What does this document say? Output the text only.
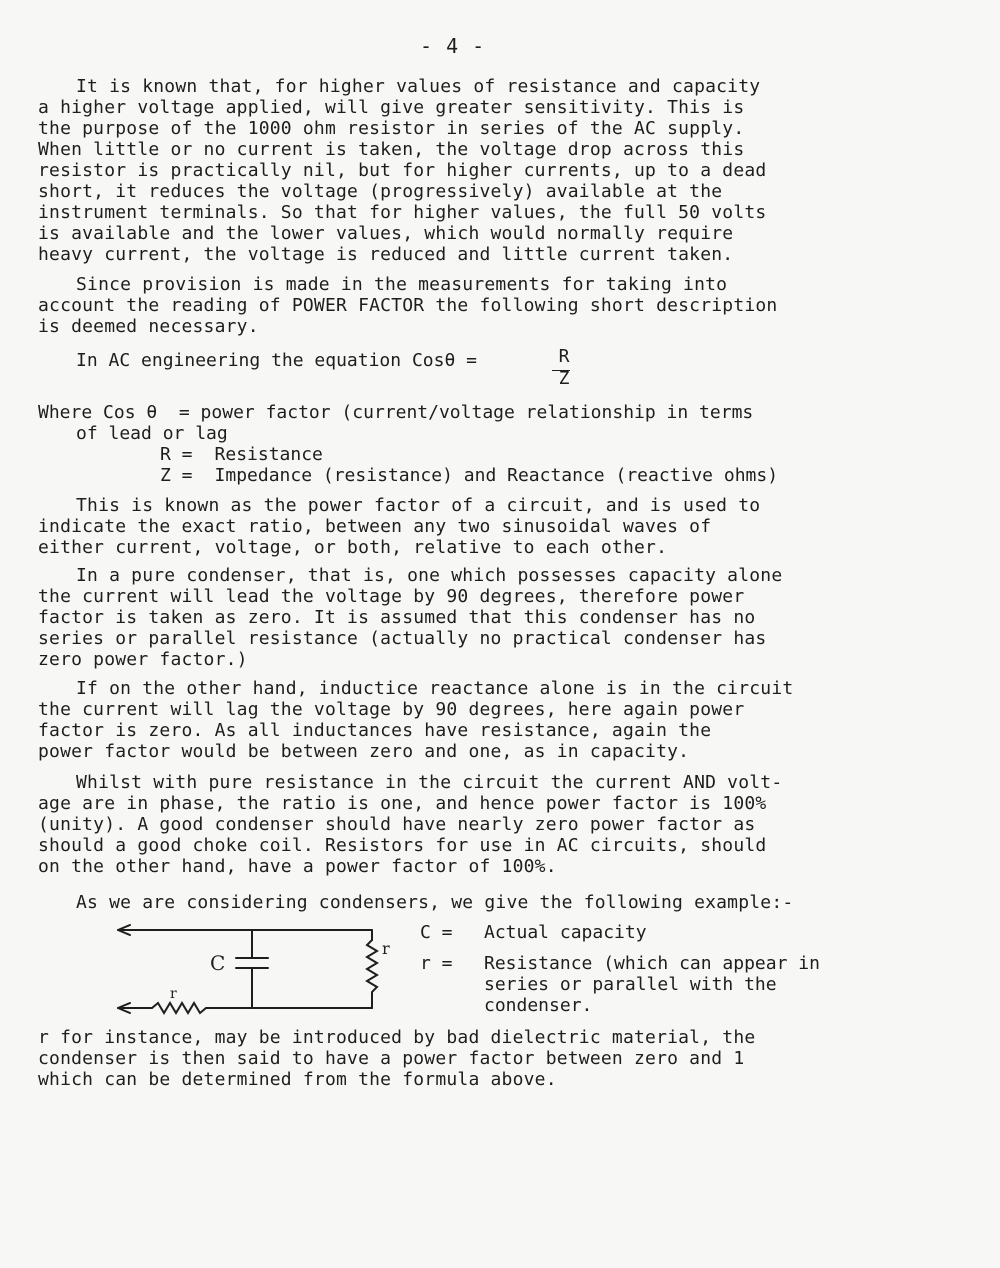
- 4 -
It is known that, for higher values of resistance and capacity
a higher voltage applied, will give greater sensitivity. This is
the purpose of the 1000 ohm resistor in series of the AC supply.
When little or no current is taken, the voltage drop across this
resistor is practically nil, but for higher currents, up to a dead
short, it reduces the voltage (progressively) available at the
instrument terminals. So that for higher values, the full 50 volts
is available and the lower values, which would normally require
heavy current, the voltage is reduced and little current taken.
Since provision is made in the measurements for taking into
account the reading of POWER FACTOR the following short description
is deemed necessary.
In AC engineering the equation Cosθ =	R
Z
Where Cos θ  = power factor (current/voltage relationship in terms
of lead or lag
R = Resistance
Z = Impedance (resistance) and Reactance (reactive ohms)
This is known as the power factor of a circuit, and is used to
indicate the exact ratio, between any two sinusoidal waves of
either current, voltage, or both, relative to each other.
In a pure condenser, that is, one which possesses capacity alone
the current will lead the voltage by 90 degrees, therefore power
factor is taken as zero. It is assumed that this condenser has no
series or parallel resistance (actually no practical condenser has
zero power factor.)
If on the other hand, inductice reactance alone is in the circuit
the current will lag the voltage by 90 degrees, here again power
factor is zero. As all inductances have resistance, again the
power factor would be between zero and one, as in capacity.
Whilst with pure resistance in the circuit the current AND volt-
age are in phase, the ratio is one, and hence power factor is 100%
(unity). A good condenser should have nearly zero power factor as
should a good choke coil. Resistors for use in AC circuits, should
on the other hand, have a power factor of 100%.
As we are considering condensers, we give the following example:-
C
r
r
C =	Actual capacity
r =	Resistance (which can appear in
series or parallel with the
condenser.
r for instance, may be introduced by bad dielectric material, the
condenser is then said to have a power factor between zero and 1
which can be determined from the formula above.
